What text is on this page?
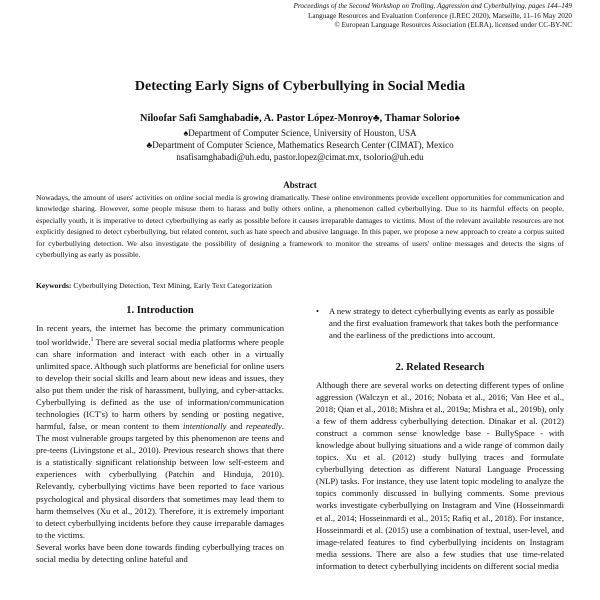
Proceedings of the Second Workshop on Trolling, Aggression and Cyberbullying, pages 144–149
Language Resources and Evaluation Conference (LREC 2020), Marseille, 11–16 May 2020
© European Language Resources Association (ELRA), licensed under CC-BY-NC
Detecting Early Signs of Cyberbullying in Social Media
Niloofar Safi Samghabadi♠, A. Pastor López-Monroy♣, Thamar Solorio♠
♠Department of Computer Science, University of Houston, USA
♣Department of Computer Science, Mathematics Research Center (CIMAT), Mexico
nsafisamghabadi@uh.edu, pastor.lopez@cimat.mx, tsolorio@uh.edu
Abstract
Nowadays, the amount of users' activities on online social media is growing dramatically. These online environments provide excellent opportunities for communication and knowledge sharing. However, some people misuse them to harass and bully others online, a phenomenon called cyberbullying. Due to its harmful effects on people, especially youth, it is imperative to detect cyberbullying as early as possible before it causes irreparable damages to victims. Most of the relevant available resources are not explicitly designed to detect cyberbullying, but related content, such as hate speech and abusive language. In this paper, we propose a new approach to create a corpus suited for cyberbullying detection. We also investigate the possibility of designing a framework to monitor the streams of users' online messages and detects the signs of cyberbullying as early as possible.
Keywords: Cyberbullying Detection, Text Mining, Early Text Categorization
1. Introduction

In recent years, the internet has become the primary communication tool worldwide.$^1$ There are several social media platforms where people can share information and interact with each other in a virtually unlimited space. Although such platforms are beneficial for online users to develop their social skills and learn about new ideas and issues, they also put them under the risk of harassment, bullying, and cyber-attacks. Cyberbullying is defined as the use of information/communication technologies (ICT's) to harm others by sending or posting negative, harmful, false, or mean content to them intentionally and repeatedly. The most vulnerable groups targeted by this phenomenon are teens and pre-teens (Livingstone et al., 2010). Previous research shows that there is a statistically significant relationship between low self-esteem and experiences with cyberbullying (Patchin and Hinduja, 2010). Relevantly, cyberbullying victims have been reported to face various psychological and physical disorders that sometimes may lead them to harm themselves (Xu et al., 2012). Therefore, it is extremely important to detect cyberbullying incidents before they cause irreparable damages to the victims.

Several works have been done towards finding cyberbullying traces on social media by detecting online hateful and

• A new strategy to detect cyberbullying events as early as possible and the first evaluation framework that takes both the performance and the earliness of the predictions into account.
2. Related Research
Although there are several works on detecting different types of online aggression (Walczyn et al., 2016; Nobata et al., 2016; Van Hee et al., 2018; Qian et al., 2018; Mishra et al., 2019a; Mishra et al., 2019b), only a few of them address cyberbullying detection. Dinakar et al. (2012) construct a common sense knowledge base - BullySpace - with knowledge about bullying situations and a wide range of common daily topics. Xu et al. (2012) study bullying traces and formulate cyberbullying detection as different Natural Language Processing (NLP) tasks. For instance, they use latent topic modeling to analyze the topics commonly discussed in bullying comments. Some previous works investigate cyberbullying on Instagram and Vine (Hosseinmardi et al., 2014; Hosseinmardi et al., 2015; Rafiq et al., 2018). For instance, Hosseinmardi et al. (2015) use a combination of textual, user-level, and image-related features to find cyberbullying incidents on Instagram media sessions. There are also a few studies that use time-related information to detect cyberbullying incidents on different social media
